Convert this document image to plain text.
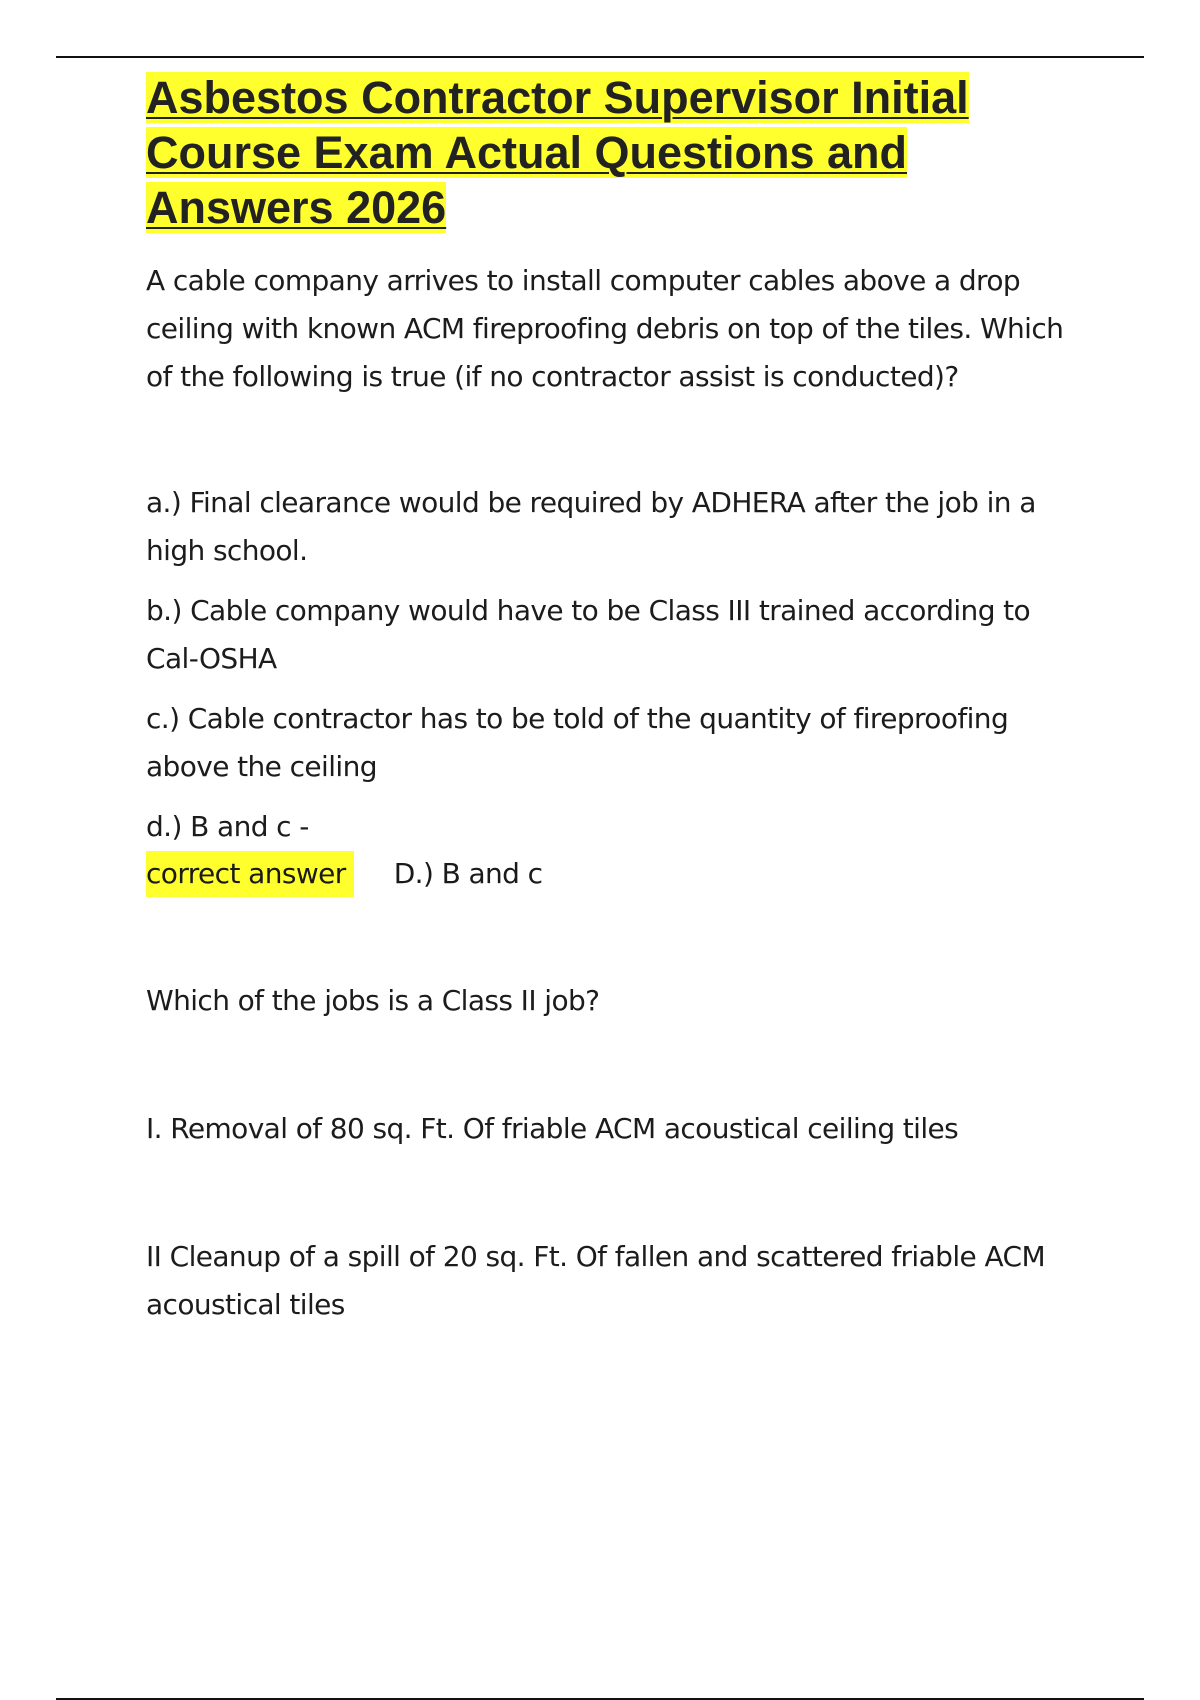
Asbestos Contractor Supervisor Initial Course Exam Actual Questions and Answers 2026

A cable company arrives to install computer cables above a drop ceiling with known ACM fireproofing debris on top of the tiles. Which of the following is true (if no contractor assist is conducted)?

a.) Final clearance would be required by ADHERA after the job in a high school.

b.) Cable company would have to be Class III trained according to Cal-OSHA

c.) Cable contractor has to be told of the quantity of fireproofing above the ceiling

d.) B and c -

correct answer D.) B and c

Which of the jobs is a Class II job?

I. Removal of 80 sq. Ft. Of friable ACM acoustical ceiling tiles

II Cleanup of a spill of 20 sq. Ft. Of fallen and scattered friable ACM acoustical tiles
